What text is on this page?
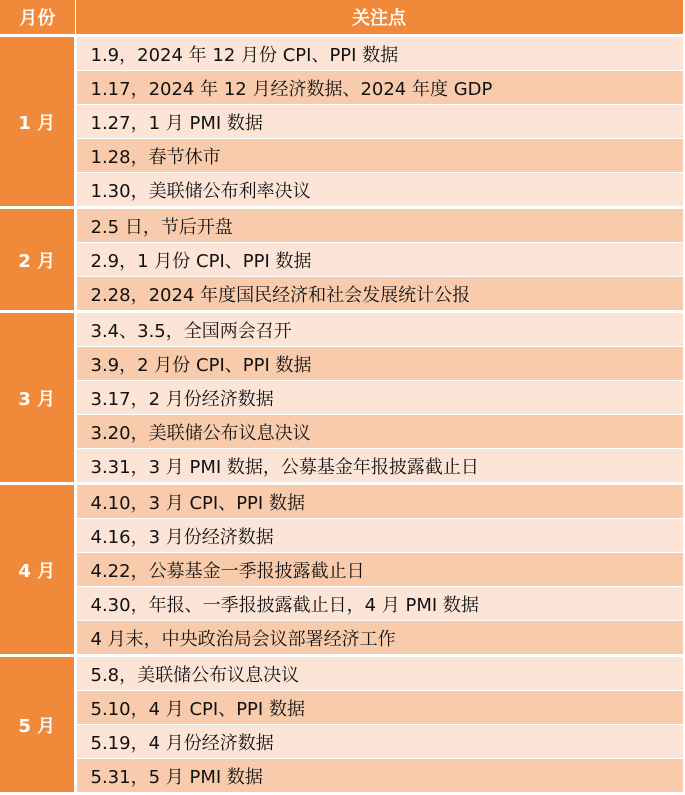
月份	关注点
1 月	1.9，2024 年 12 月份 CPI、PPI 数据
	1.17，2024 年 12 月经济数据、2024 年度 GDP
	1.27，1 月 PMI 数据
	1.28，春节休市
	1.30，美联储公布利率决议
2 月	2.5 日，节后开盘
	2.9，1 月份 CPI、PPI 数据
	2.28，2024 年度国民经济和社会发展统计公报
3 月	3.4、3.5，全国两会召开
	3.9，2 月份 CPI、PPI 数据
	3.17，2 月份经济数据
	3.20，美联储公布议息决议
	3.31，3 月 PMI 数据，公募基金年报披露截止日
4 月	4.10，3 月 CPI、PPI 数据
	4.16，3 月份经济数据
	4.22，公募基金一季报披露截止日
	4.30，年报、一季报披露截止日，4 月 PMI 数据
	4 月末，中央政治局会议部署经济工作
5 月	5.8，美联储公布议息决议
	5.10，4 月 CPI、PPI 数据
	5.19，4 月份经济数据
	5.31，5 月 PMI 数据
